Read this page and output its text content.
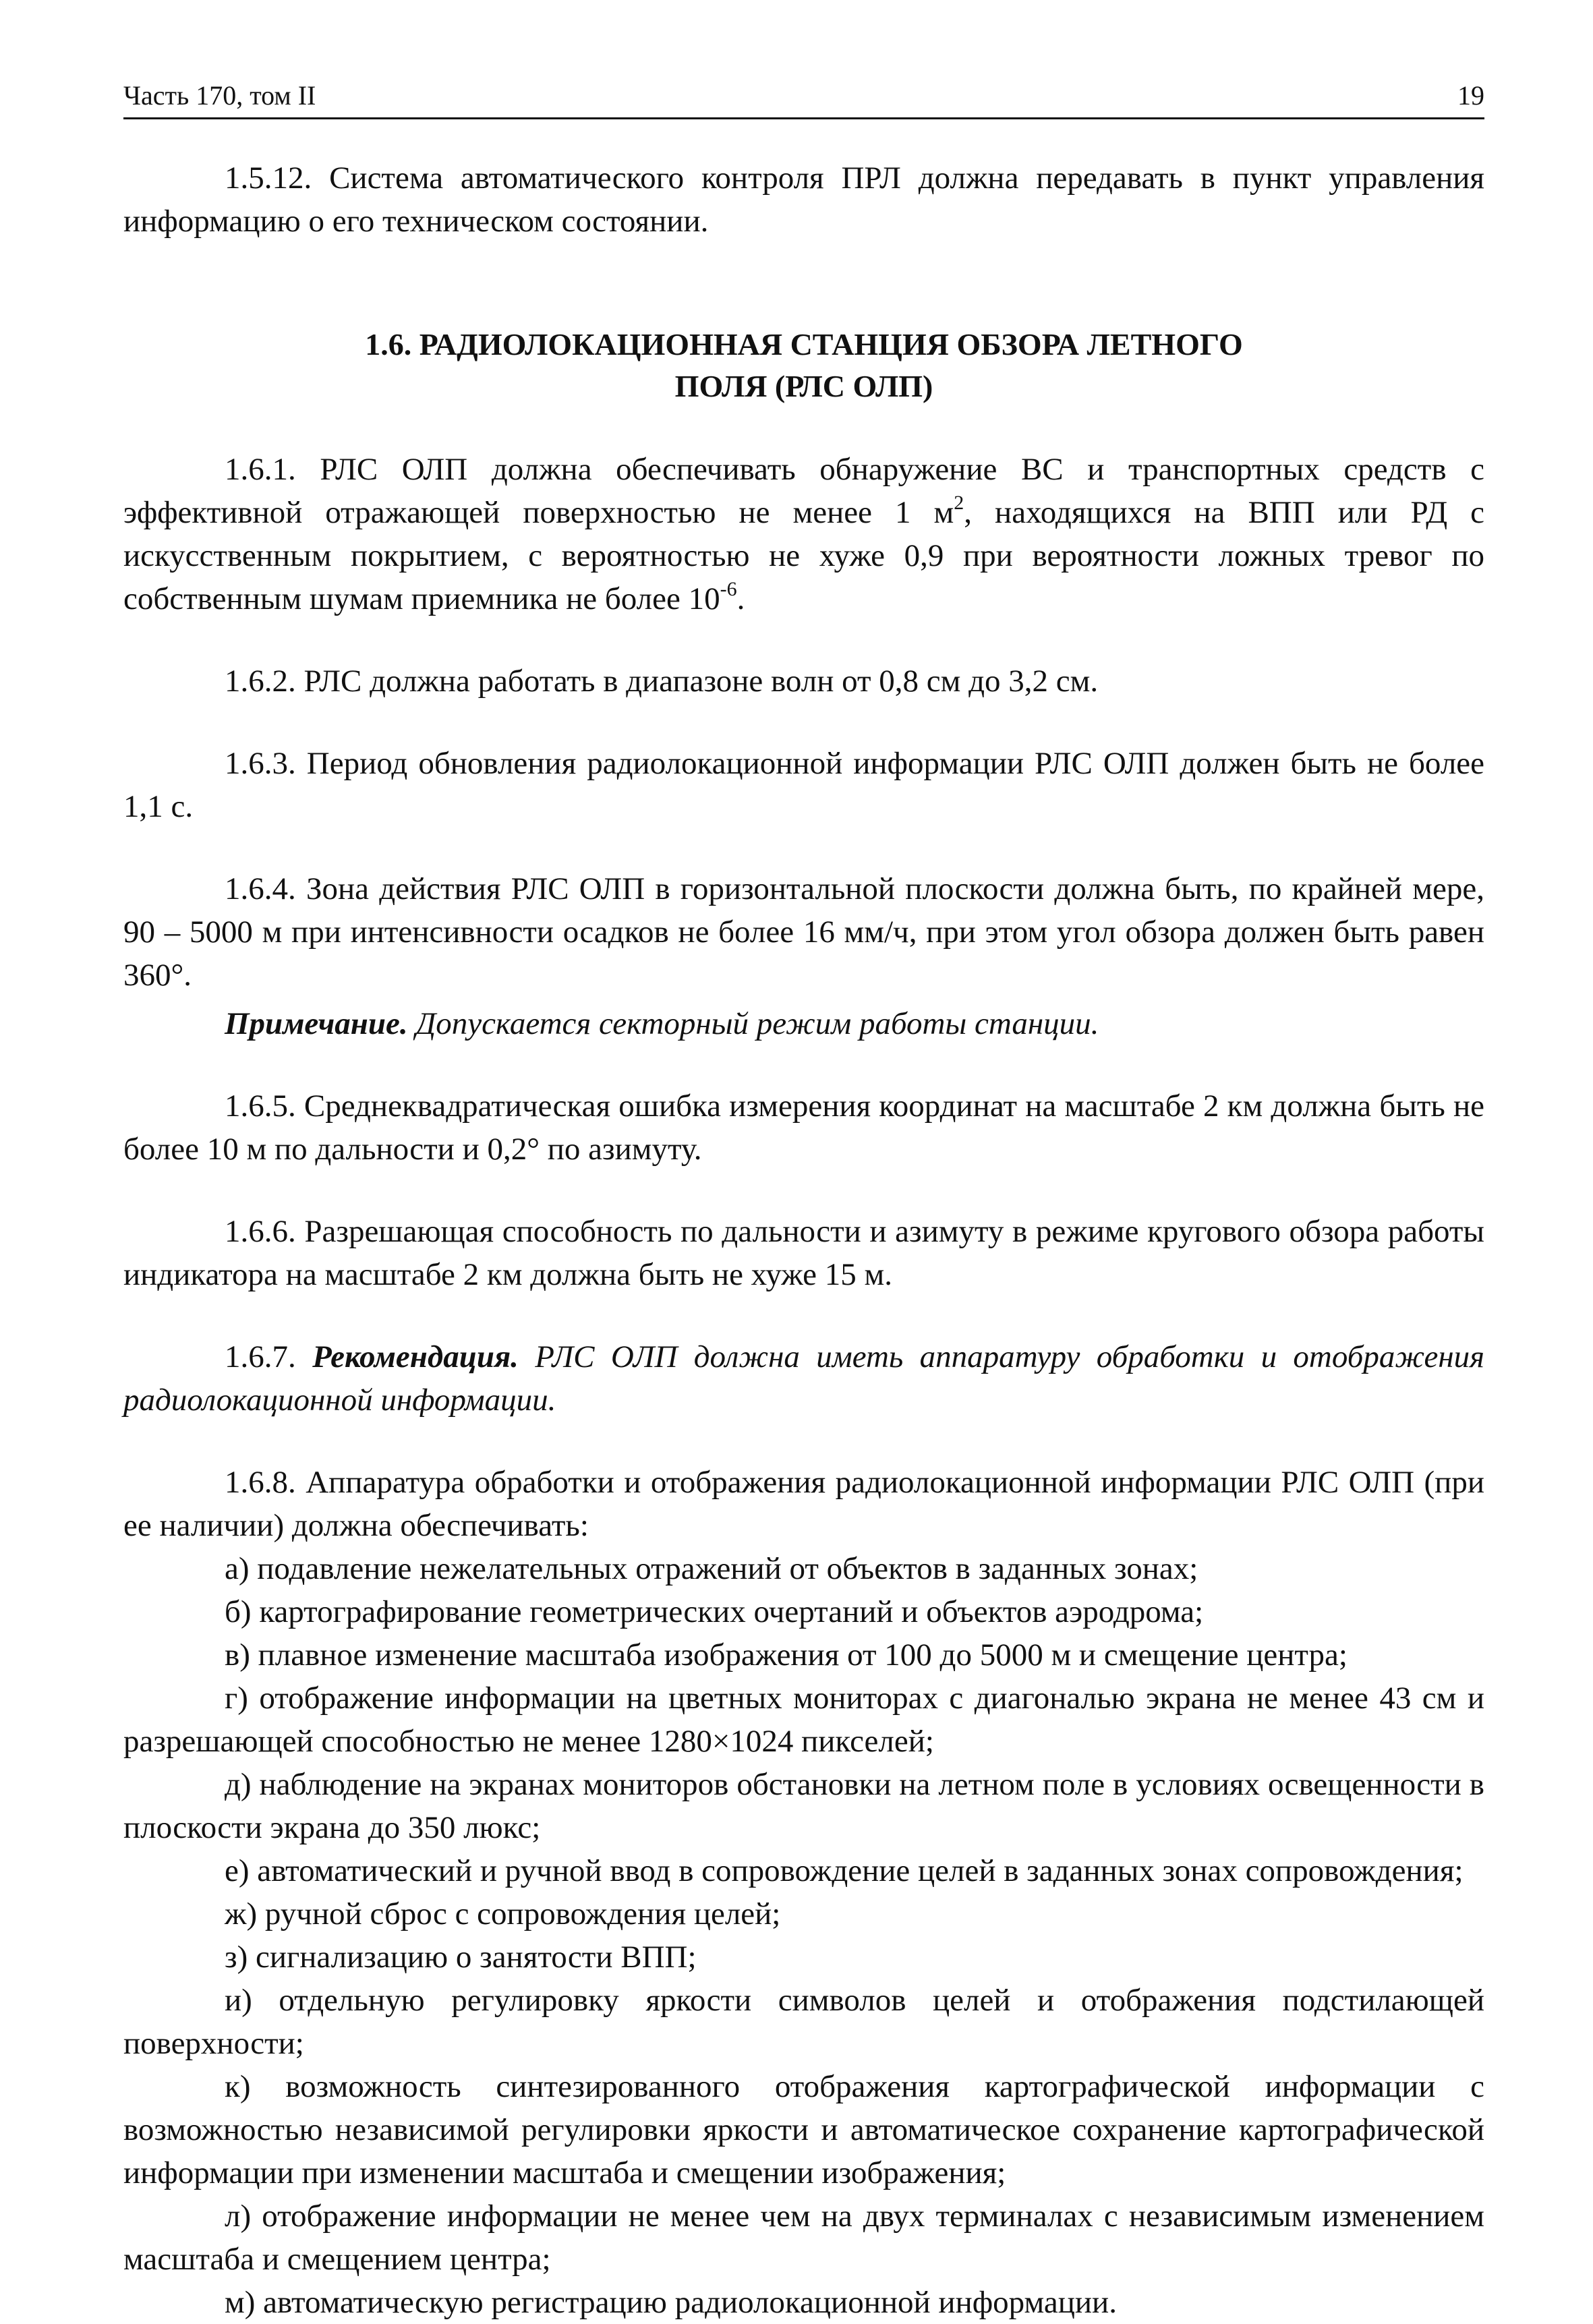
Часть 170, том II	19

1.5.12. Система автоматического контроля ПРЛ должна передавать в пункт управления информацию о его техническом состоянии.

1.6. РАДИОЛОКАЦИОННАЯ СТАНЦИЯ ОБЗОРА ЛЕТНОГО
ПОЛЯ (РЛС ОЛП)

1.6.1. РЛС ОЛП должна обеспечивать обнаружение ВС и транспортных средств с эффективной отражающей поверхностью не менее 1 $м^2$, находящихся на ВПП или РД с искусственным покрытием, с вероятностью не хуже 0,9 при вероятности ложных тревог по собственным шумам приемника не более $10^{-6}$.

1.6.2. РЛС должна работать в диапазоне волн от 0,8 см до 3,2 см.

1.6.3. Период обновления радиолокационной информации РЛС ОЛП должен быть не более 1,1 с.

1.6.4. Зона действия РЛС ОЛП в горизонтальной плоскости должна быть, по крайней мере, 90 – 5000 м при интенсивности осадков не более 16 мм/ч, при этом угол обзора должен быть равен 360°.

Примечание. Допускается секторный режим работы станции.

1.6.5. Среднеквадратическая ошибка измерения координат на масштабе 2 км должна быть не более 10 м по дальности и 0,2° по азимуту.

1.6.6. Разрешающая способность по дальности и азимуту в режиме кругового обзора работы индикатора на масштабе 2 км должна быть не хуже 15 м.

1.6.7. Рекомендация. РЛС ОЛП должна иметь аппаратуру обработки и отображения радиолокационной информации.

1.6.8. Аппаратура обработки и отображения радиолокационной информации РЛС ОЛП (при ее наличии) должна обеспечивать:

а) подавление нежелательных отражений от объектов в заданных зонах;

б) картографирование геометрических очертаний и объектов аэродрома;

в) плавное изменение масштаба изображения от 100 до 5000 м и смещение центра;

г) отображение информации на цветных мониторах с диагональю экрана не менее 43 см и разрешающей способностью не менее 1280×1024 пикселей;

д) наблюдение на экранах мониторов обстановки на летном поле в условиях освещенности в плоскости экрана до 350 люкс;

е) автоматический и ручной ввод в сопровождение целей в заданных зонах сопровождения;

ж) ручной сброс с сопровождения целей;

з) сигнализацию о занятости ВПП;

и) отдельную регулировку яркости символов целей и отображения подстилающей поверхности;

к) возможность синтезированного отображения картографической информации с возможностью независимой регулировки яркости и автоматическое сохранение картографической информации при изменении масштаба и смещении изображения;

л) отображение информации не менее чем на двух терминалах с независимым изменением масштаба и смещением центра;

м) автоматическую регистрацию радиолокационной информации.
